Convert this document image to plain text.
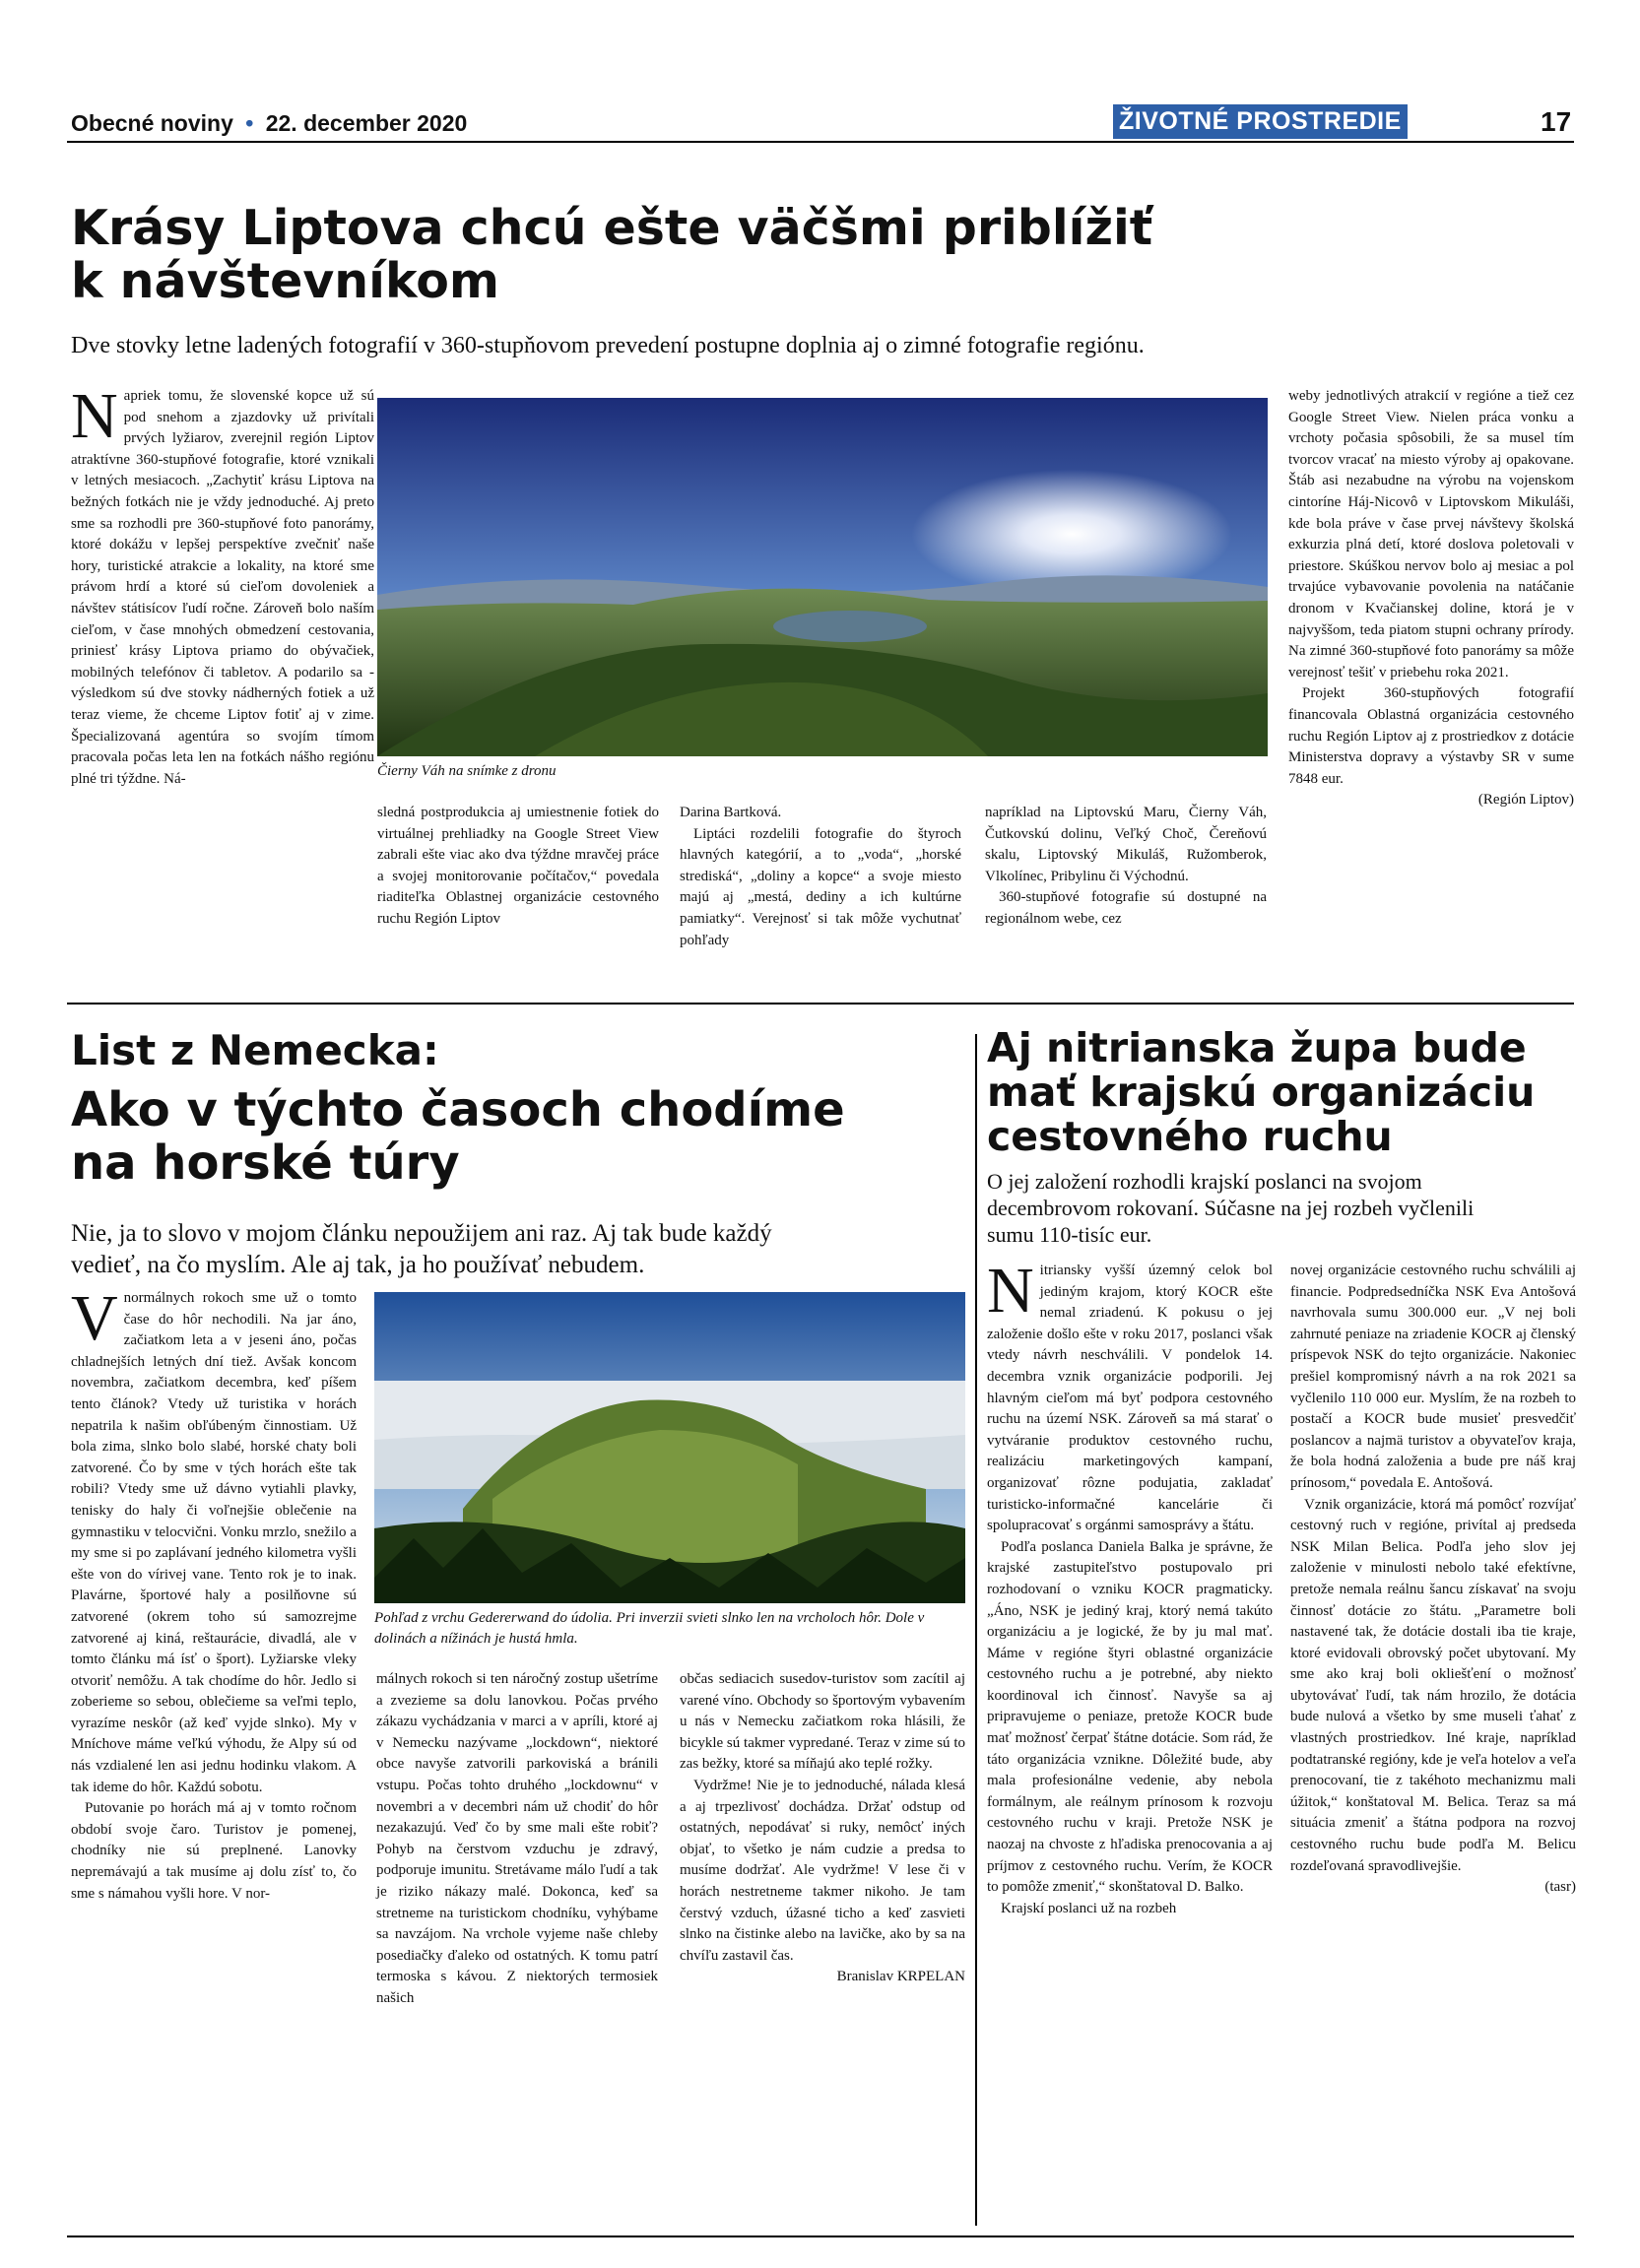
Obecné noviny • 22. december 2020	ŽIVOTNÉ PROSTREDIE	17
Krásy Liptova chcú ešte väčšmi priblížiť
k návštevníkom
Dve stovky letne ladených fotografií v 360-stupňovom prevedení postupne doplnia aj o zimné fotografie regiónu.

Napriek tomu, že slovenské kopce už sú pod snehom a zjazdovky už privítali prvých lyžiarov, zverejnil región Liptov atraktívne 360-stupňové fotografie, ktoré vznikali v letných mesiacoch. „Zachytiť krásu Liptova na bežných fotkách nie je vždy jednoduché. Aj preto sme sa rozhodli pre 360-stupňové foto panorámy, ktoré dokážu v lepšej perspektíve zvečniť naše hory, turistické atrakcie a lokality, na ktoré sme právom hrdí a ktoré sú cieľom dovoleniek a návštev státisícov ľudí ročne. Zároveň bolo naším cieľom, v čase mnohých obmedzení cestovania, priniesť krásy Liptova priamo do obývačiek, mobilných telefónov či tabletov. A podarilo sa - výsledkom sú dve stovky nádherných fotiek a už teraz vieme, že chceme Liptov fotiť aj v zime. Špecializovaná agentúra so svojím tímom pracovala počas leta len na fotkách nášho regiónu plné tri týždne. Ná-	Čierny Váh na snímke z dronu

sledná postprodukcia aj umiestnenie fotiek do virtuálnej prehliadky na Google Street View zabrali ešte viac ako dva týždne mravčej práce a svojej monitorovanie počítačov,“ povedala riaditeľka Oblastnej organizácie cestovného ruchu Región Liptov

Darina Bartková.

Liptáci rozdelili fotografie do štyroch hlavných kategórií, a to „voda“, „horské strediská“, „doliny a kopce“ a svoje miesto majú aj „mestá, dediny a ich kultúrne pamiatky“. Verejnosť si tak môže vychutnať pohľady

napríklad na Liptovskú Maru, Čierny Váh, Čutkovskú dolinu, Veľký Choč, Čereňovú skalu, Liptovský Mikuláš, Ružomberok, Vlkolínec, Pribylinu či Východnú.

360-stupňové fotografie sú dostupné na regionálnom webe, cez

weby jednotlivých atrakcií v regióne a tiež cez Google Street View. Nielen práca vonku a vrchoty počasia spôsobili, že sa musel tím tvorcov vracať na miesto výroby aj opakovane. Štáb asi nezabudne na výrobu na vojenskom cintoríne Háj-Nicovô v Liptovskom Mikuláši, kde bola práve v čase prvej návštevy školská exkurzia plná detí, ktoré doslova poletovali v priestore. Skúškou nervov bolo aj mesiac a pol trvajúce vybavovanie povolenia na natáčanie dronom v Kvačianskej doline, ktorá je v najvyššom, teda piatom stupni ochrany prírody. Na zimné 360-stupňové foto panorámy sa môže verejnosť tešiť v priebehu roka 2021.

Projekt 360-stupňových fotografií financovala Oblastná organizácia cestovného ruchu Región Liptov aj z prostriedkov z dotácie Ministerstva dopravy a výstavby SR v sume 7848 eur.

(Región Liptov)

List z Nemecka:
Ako v týchto časoch chodíme
na horské túry
Nie, ja to slovo v mojom článku nepoužijem ani raz. Aj tak bude každý
vedieť, na čo myslím. Ale aj tak, ja ho používať nebudem.

Vnormálnych rokoch sme už o tomto čase do hôr nechodili. Na jar áno, začiatkom leta a v jeseni áno, počas chladnejších letných dní tiež. Avšak koncom novembra, začiatkom decembra, keď píšem tento článok? Vtedy už turistika v horách nepatrila k našim obľúbeným činnostiam. Už bola zima, slnko bolo slabé, horské chaty boli zatvorené. Čo by sme v tých horách ešte tak robili? Vtedy sme už dávno vytiahli plavky, tenisky do haly či voľnejšie oblečenie na gymnastiku v telocvični. Vonku mrzlo, snežilo a my sme si po zaplávaní jedného kilometra vyšli ešte von do vírivej vane. Tento rok je to inak. Plavárne, športové haly a posilňovne sú zatvorené (okrem toho sú samozrejme zatvorené aj kiná, reštaurácie, divadlá, ale v tomto článku má ísť o šport). Lyžiarske vleky otvoriť nemôžu. A tak chodíme do hôr. Jedlo si zoberieme so sebou, oblečieme sa veľmi teplo, vyrazíme neskôr (až keď vyjde slnko). My v Mníchove máme veľkú výhodu, že Alpy sú od nás vzdialené len asi jednu hodinku vlakom. A tak ideme do hôr. Každú sobotu.

Putovanie po horách má aj v tomto ročnom období svoje čaro. Turistov je pomenej, chodníky nie sú preplnené. Lanovky nepremávajú a tak musíme aj dolu zísť to, čo sme s námahou vyšli hore. V nor-

Pohľad z vrchu Gedererwand do údolia. Pri inverzii svieti slnko len na vrcholoch hôr. Dole v dolinách a nížinách je hustá hmla.

málnych rokoch si ten náročný zostup ušetríme a zvezieme sa dolu lanovkou. Počas prvého zákazu vychádzania v marci a v apríli, ktoré aj v Nemecku nazývame „lockdown“, niektoré obce navyše zatvorili parkoviská a bránili vstupu. Počas tohto druhého „lockdownu“ v novembri a v decembri nám už chodiť do hôr nezakazujú. Veď čo by sme mali ešte robiť? Pohyb na čerstvom vzduchu je zdravý, podporuje imunitu. Stretávame málo ľudí a tak je riziko nákazy malé. Dokonca, keď sa stretneme na turistickom chodníku, vyhýbame sa navzájom. Na vrchole vyjeme naše chleby posediačky ďaleko od ostatných. K tomu patrí termoska s kávou. Z niektorých termosiek našich

občas sediacich susedov-turistov som zacítil aj varené víno. Obchody so športovým vybavením u nás v Nemecku začiatkom roka hlásili, že bicykle sú takmer vypredané. Teraz v zime sú to zas bežky, ktoré sa míňajú ako teplé rožky.

Vydržme! Nie je to jednoduché, nálada klesá a aj trpezlivosť dochádza. Držať odstup od ostatných, nepodávať si ruky, nemôcť iných objať, to všetko je nám cudzie a predsa to musíme dodržať. Ale vydržme! V lese či v horách nestretneme takmer nikoho. Je tam čerstvý vzduch, úžasné ticho a keď zasvieti slnko na čistinke alebo na lavičke, ako by sa na chvíľu zastavil čas.

Branislav KRPELAN

Aj nitrianska župa bude
mať krajskú organizáciu
cestovného ruchu
O jej založení rozhodli krajskí poslanci na svojom
decembrovom rokovaní. Súčasne na jej rozbeh vyčlenili
sumu 110-tisíc eur.

Nitriansky vyšší územný celok bol jediným krajom, ktorý KOCR ešte nemal zriadenú. K pokusu o jej založenie došlo ešte v roku 2017, poslanci však vtedy návrh neschválili. V pondelok 14. decembra vznik organizácie podporili. Jej hlavným cieľom má byť podpora cestovného ruchu na území NSK. Zároveň sa má starať o vytváranie produktov cestovného ruchu, realizáciu marketingových kampaní, organizovať rôzne podujatia, zakladať turisticko-informačné kancelárie či spolupracovať s orgánmi samosprávy a štátu.

Podľa poslanca Daniela Balka je správne, že krajské zastupiteľstvo postupovalo pri rozhodovaní o vzniku KOCR pragmaticky. „Áno, NSK je jediný kraj, ktorý nemá takúto organizáciu a je logické, že by ju mal mať. Máme v regióne štyri oblastné organizácie cestovného ruchu a je potrebné, aby niekto koordinoval ich činnosť. Navyše sa aj pripravujeme o peniaze, pretože KOCR bude mať možnosť čerpať štátne dotácie. Som rád, že táto organizácia vznikne. Dôležité bude, aby mala profesionálne vedenie, aby nebola formálnym, ale reálnym prínosom k rozvoju cestovného ruchu v kraji. Pretože NSK je naozaj na chvoste z hľadiska prenocovania a aj príjmov z cestovného ruchu. Verím, že KOCR to pomôže zmeniť,“ skonštatoval D. Balko.

Krajskí poslanci už na rozbeh

novej organizácie cestovného ruchu schválili aj financie. Podpredsedníčka NSK Eva Antošová navrhovala sumu 300.000 eur. „V nej boli zahrnuté peniaze na zriadenie KOCR aj členský príspevok NSK do tejto organizácie. Nakoniec prešiel kompromisný návrh a na rok 2021 sa vyčlenilo 110 000 eur. Myslím, že na rozbeh to postačí a KOCR bude musieť presvedčiť poslancov a najmä turistov a obyvateľov kraja, že bola hodná založenia a bude pre náš kraj prínosom,“ povedala E. Antošová.

Vznik organizácie, ktorá má pomôcť rozvíjať cestovný ruch v regióne, privítal aj predseda NSK Milan Belica. Podľa jeho slov jej založenie v minulosti nebolo také efektívne, pretože nemala reálnu šancu získavať na svoju činnosť dotácie zo štátu. „Parametre boli nastavené tak, že dotácie dostali iba tie kraje, ktoré evidovali obrovský počet ubytovaní. My sme ako kraj boli okliešťení o možnosť ubytovávať ľudí, tak nám hrozilo, že dotácia bude nulová a všetko by sme museli ťahať z vlastných prostriedkov. Iné kraje, napríklad podtatranské regióny, kde je veľa hotelov a veľa prenocovaní, tie z takéhoto mechanizmu mali úžitok,“ konštatoval M. Belica. Teraz sa má situácia zmeniť a štátna podpora na rozvoj cestovného ruchu bude podľa M. Belicu rozdeľovaná spravodlivejšie.

(tasr)
